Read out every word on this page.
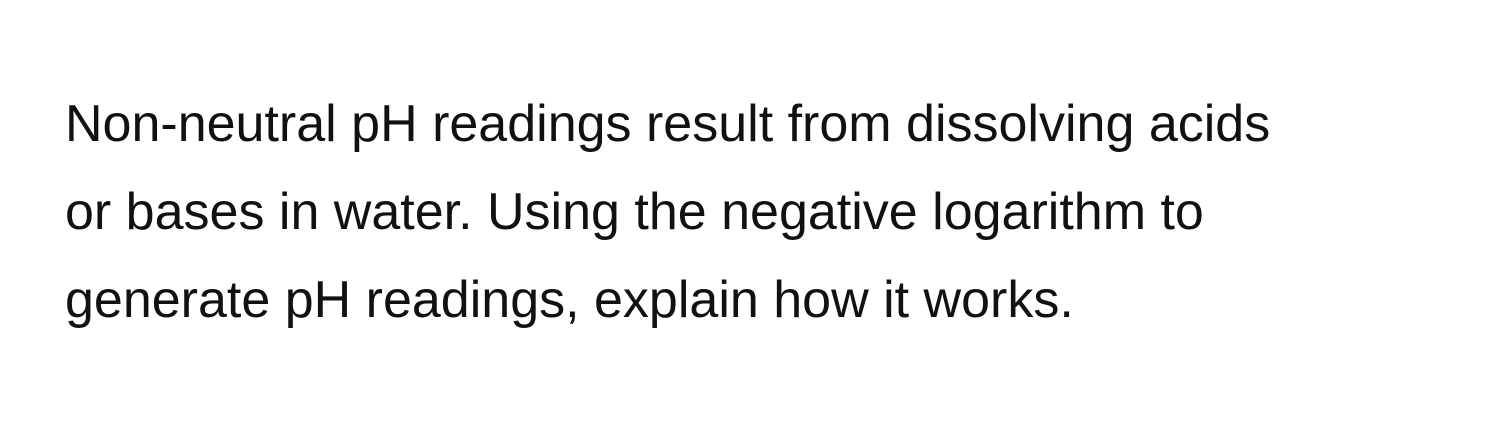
Non-neutral pH readings result from dissolving acids
or bases in water. Using the negative logarithm to
generate pH readings, explain how it works.
